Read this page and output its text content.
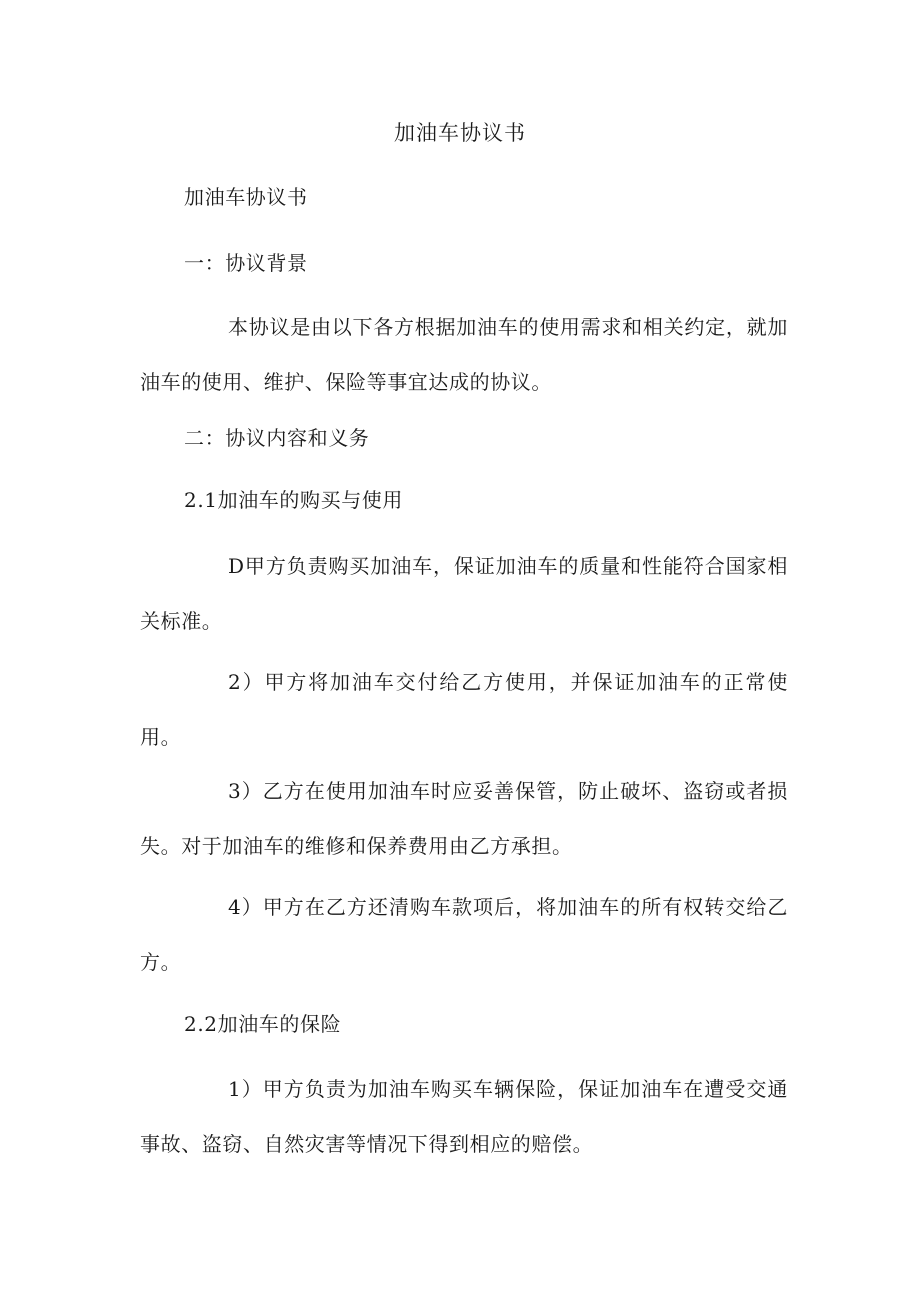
加油车协议书

加油车协议书

一：协议背景

本协议是由以下各方根据加油车的使用需求和相关约定，就加油车的使用、维护、保险等事宜达成的协议。

二：协议内容和义务

2.1加油车的购买与使用

D甲方负责购买加油车，保证加油车的质量和性能符合国家相关标准。

2）甲方将加油车交付给乙方使用，并保证加油车的正常使用。

3）乙方在使用加油车时应妥善保管，防止破坏、盗窃或者损失。对于加油车的维修和保养费用由乙方承担。

4）甲方在乙方还清购车款项后，将加油车的所有权转交给乙方。

2.2加油车的保险

1）甲方负责为加油车购买车辆保险，保证加油车在遭受交通事故、盗窃、自然灾害等情况下得到相应的赔偿。
